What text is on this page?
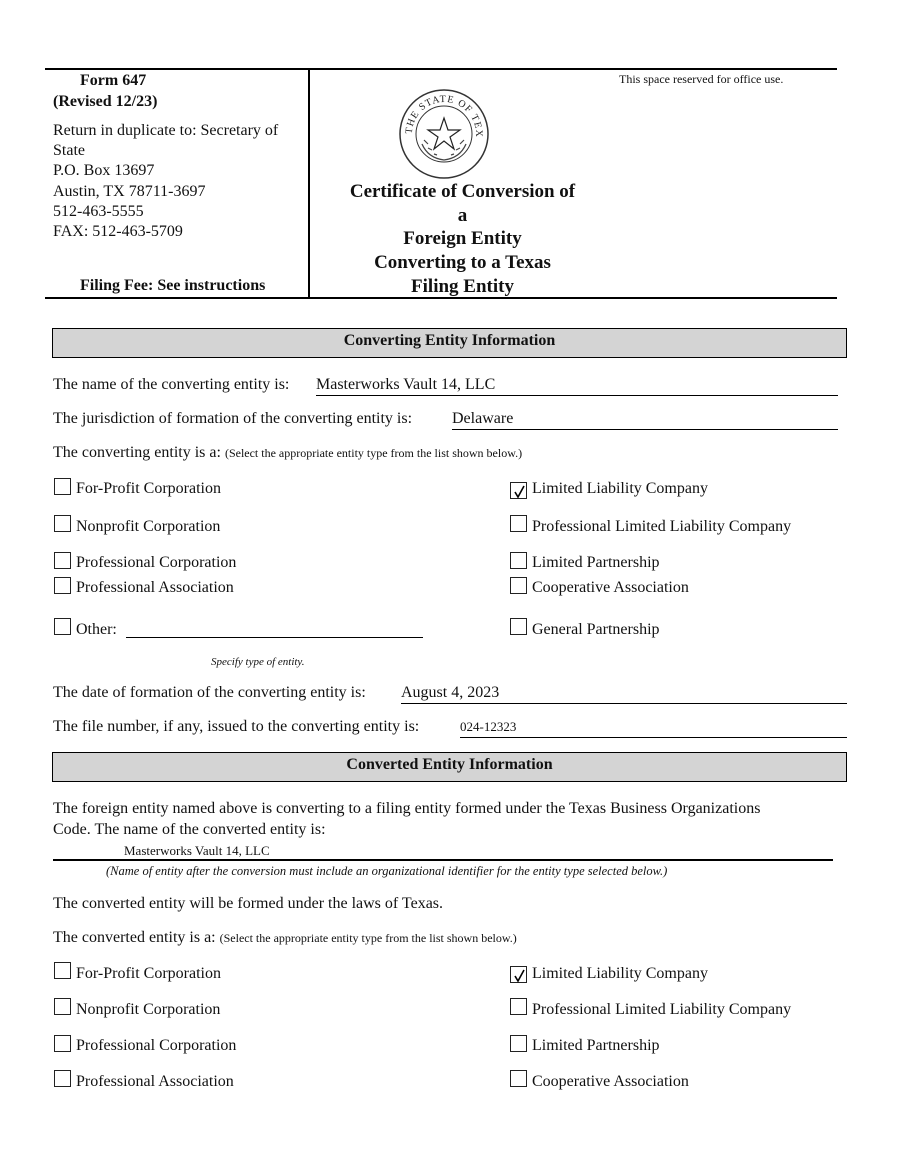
Form 647
(Revised 12/23)
Return in duplicate to: Secretary of
State
P.O. Box 13697
Austin, TX 78711-3697
512-463-5555
FAX: 512-463-5709
Filing Fee: See instructions
This space reserved for office use.
THE STATE OF TEX
Certificate of Conversion of
a
Foreign Entity
Converting to a Texas
Filing Entity
Converting Entity Information
The name of the converting entity is: Masterworks Vault 14, LLC
The jurisdiction of formation of the converting entity is: Delaware
The converting entity is a: (Select the appropriate entity type from the list shown below.)
For-Profit Corporation	Limited Liability Company
Nonprofit Corporation	Professional Limited Liability Company
Professional Corporation	Limited Partnership
Professional Association	Cooperative Association
Other:	General Partnership
Specify type of entity.
The date of formation of the converting entity is: August 4, 2023
The file number, if any, issued to the converting entity is:	024-12323
Converted Entity Information
The foreign entity named above is converting to a filing entity formed under the Texas Business Organizations
Code. The name of the converted entity is:
Masterworks Vault 14, LLC
(Name of entity after the conversion must include an organizational identifier for the entity type selected below.)
The converted entity will be formed under the laws of Texas.
The converted entity is a: (Select the appropriate entity type from the list shown below.)
For-Profit Corporation	Limited Liability Company
Nonprofit Corporation	Professional Limited Liability Company
Professional Corporation	Limited Partnership
Professional Association	Cooperative Association
